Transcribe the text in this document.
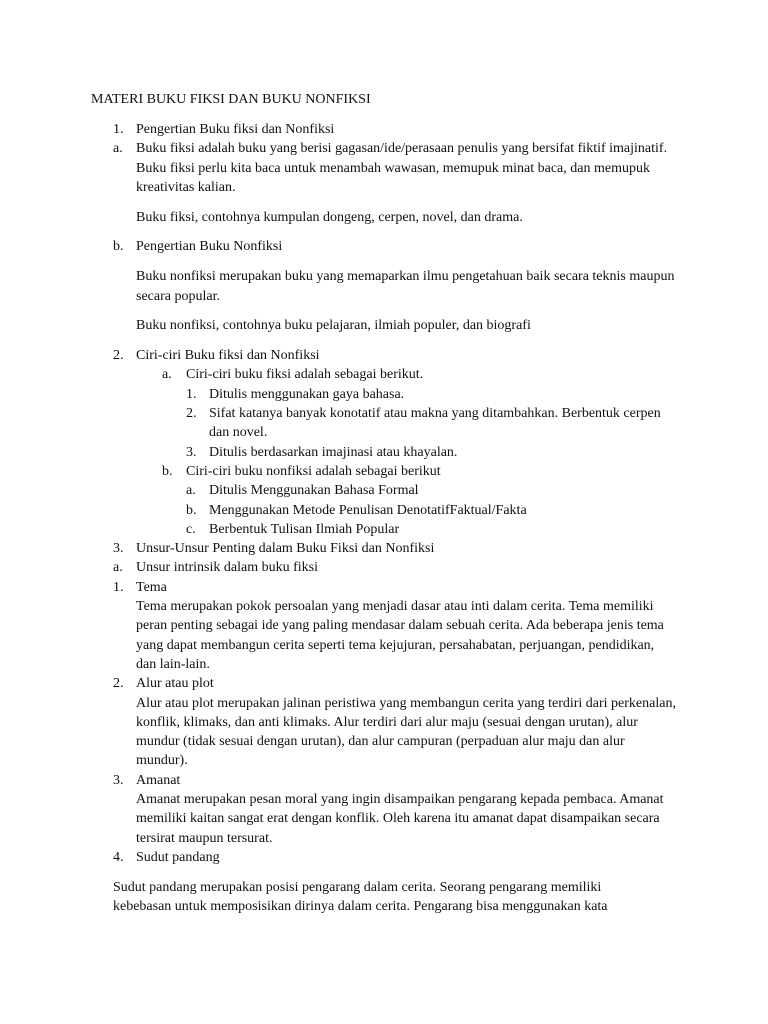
MATERI BUKU FIKSI DAN BUKU NONFIKSI
1. Pengertian Buku fiksi dan Nonfiksi
a. Buku fiksi adalah buku yang berisi gagasan/ide/perasaan penulis yang bersifat fiktif imajinatif. Buku fiksi perlu kita baca untuk menambah wawasan, memupuk minat baca, dan memupuk kreativitas kalian.
Buku fiksi, contohnya kumpulan dongeng, cerpen, novel, dan drama.
b. Pengertian Buku Nonfiksi
Buku nonfiksi merupakan buku yang memaparkan ilmu pengetahuan baik secara teknis maupun secara popular.
Buku nonfiksi, contohnya buku pelajaran, ilmiah populer, dan biografi
2. Ciri-ciri Buku fiksi dan Nonfiksi
a. Ciri-ciri buku fiksi adalah sebagai berikut.
1. Ditulis menggunakan gaya bahasa.
2. Sifat katanya banyak konotatif atau makna yang ditambahkan. Berbentuk cerpen dan novel.
3. Ditulis berdasarkan imajinasi atau khayalan.
b. Ciri-ciri buku nonfiksi adalah sebagai berikut
a. Ditulis Menggunakan Bahasa Formal
b. Menggunakan Metode Penulisan DenotatifFaktual/Fakta
c. Berbentuk Tulisan Ilmiah Popular
3. Unsur-Unsur Penting dalam Buku Fiksi dan Nonfiksi
a. Unsur intrinsik dalam buku fiksi
1. Tema
Tema merupakan pokok persoalan yang menjadi dasar atau inti dalam cerita. Tema memiliki peran penting sebagai ide yang paling mendasar dalam sebuah cerita. Ada beberapa jenis tema yang dapat membangun cerita seperti tema kejujuran, persahabatan, perjuangan, pendidikan, dan lain-lain.
2. Alur atau plot
Alur atau plot merupakan jalinan peristiwa yang membangun cerita yang terdiri dari perkenalan, konflik, klimaks, dan anti klimaks. Alur terdiri dari alur maju (sesuai dengan urutan), alur mundur (tidak sesuai dengan urutan), dan alur campuran (perpaduan alur maju dan alur mundur).
3. Amanat
Amanat merupakan pesan moral yang ingin disampaikan pengarang kepada pembaca. Amanat memiliki kaitan sangat erat dengan konflik. Oleh karena itu amanat dapat disampaikan secara tersirat maupun tersurat.
4. Sudut pandang
Sudut pandang merupakan posisi pengarang dalam cerita. Seorang pengarang memiliki kebebasan untuk memposisikan dirinya dalam cerita. Pengarang bisa menggunakan kata
